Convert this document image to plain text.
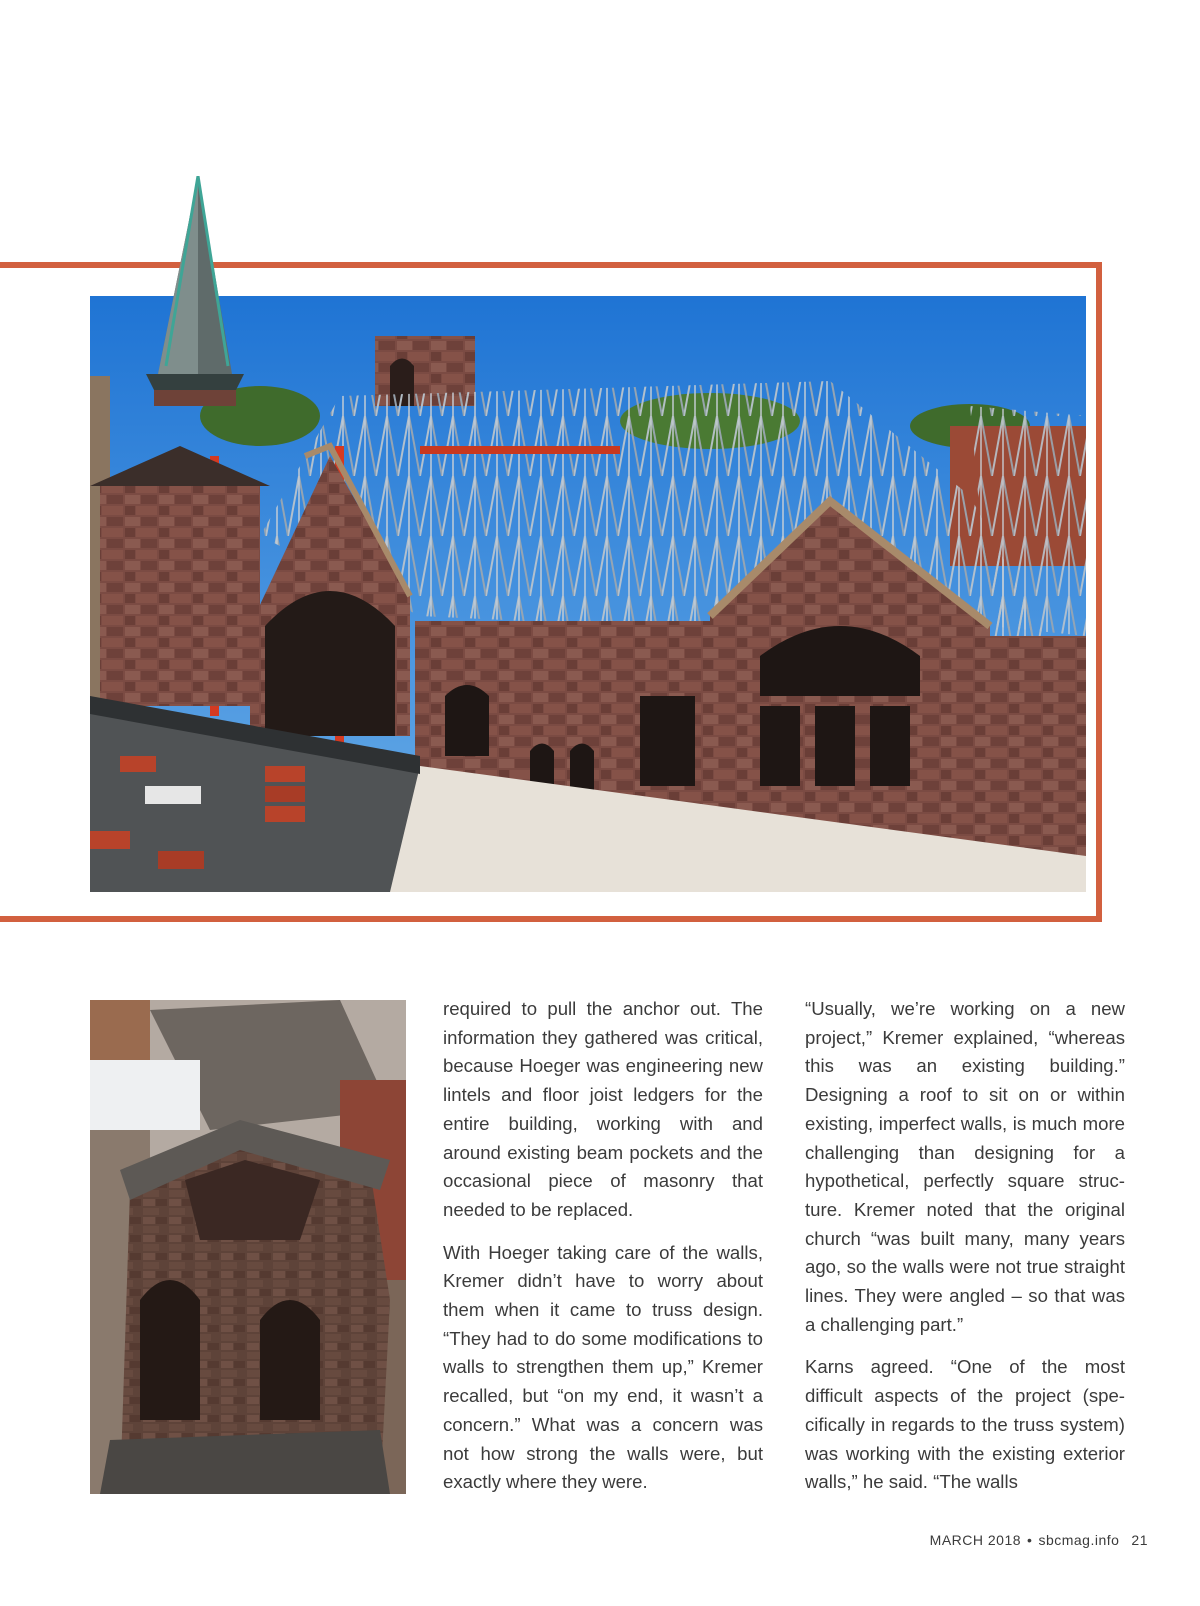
required to pull the anchor out. The information they gathered was critical, because Hoeger was engineering new lintels and floor joist ledgers for the entire building, working with and around existing beam pockets and the occasional piece of masonry that needed to be replaced.

With Hoeger taking care of the walls, Kremer didn’t have to worry about them when it came to truss design. “They had to do some modifications to walls to strengthen them up,” Kremer recalled, but “on my end, it wasn’t a concern.” What was a concern was not how strong the walls were, but exactly where they were.

“Usually, we’re working on a new project,” Kremer explained, “whereas this was an existing building.” Designing a roof to sit on or within existing, imperfect walls, is much more challenging than designing for a hypothetical, perfectly square structure. Kremer noted that the original church “was built many, many years ago, so the walls were not true straight lines. They were angled – so that was a challenging part.”

Karns agreed. “One of the most difficult aspects of the project (specifically in regards to the truss system) was working with the existing exterior walls,” he said. “The walls

MARCH 2018 • sbcmag.info 21
